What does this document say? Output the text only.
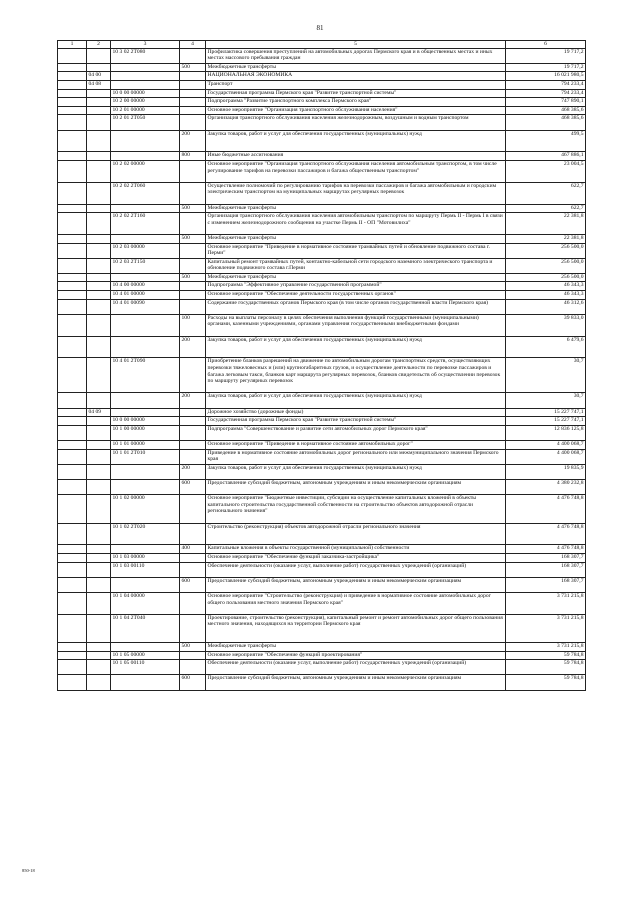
81
1	2	3	4	5	6
		10 3 02 2Т080		Профилактика совершения преступлений на автомобильных дорогах Пермского края и в общественных местах и иных местах массового пребывания граждан	19 717,2
			500	Межбюджетные трансферты	19 717,2
	04 00			НАЦИОНАЛЬНАЯ ЭКОНОМИКА	16 021 980,5
	04 08			Транспорт	794 233,4
		10 0 00 00000		Государственная программа Пермского края "Развитие транспортной системы"	794 233,4
		10 2 00 00000		Подпрограмма "Развитие транспортного комплекса Пермского края"	747 890,1
		10 2 01 00000		Основное мероприятие "Организация транспортного обслуживания населения"	468 385,6
		10 2 01 2Т050		Организация транспортного обслуживания населения железнодорожным, воздушным и водным транспортом	468 385,6
			200	Закупка товаров, работ и услуг для обеспечения государственных (муниципальных) нужд	499,5
			800	Иные бюджетные ассигнования	467 886,1
		10 2 02 00000		Основное мероприятие "Организация транспортного обслуживания населения автомобильным транспортом, в том числе регулирование тарифов на перевозки пассажиров и багажа общественным транспортом"	23 004,5
		10 2 02 2Т060		Осуществление полномочий по регулированию тарифов на перевозки пассажиров и багажа автомобильным и городским электрическим транспортом на муниципальных маршрутах регулярных перевозок	622,7
			500	Межбюджетные трансферты	622,7
		10 2 02 2Т160		Организация транспортного обслуживания населения автомобильным транспортом по маршруту Пермь II - Пермь I в связи с изменением железнодорожного сообщения на участке Пермь II - ОП "Мотовилиха"	22 381,8
			500	Межбюджетные трансферты	22 381,8
		10 2 03 00000		Основное мероприятие "Приведение в нормативное состояние трамвайных путей и обновление подвижного состава г. Перми"	256 500,0
		10 2 03 2Т150		Капитальный ремонт трамвайных путей, контактно-кабельной сети городского наземного электрического транспорта и обновление подвижного состава г.Перми	256 500,0
			500	Межбюджетные трансферты	256 500,0
		10 4 00 00000		Подпрограмма "Эффективное управление государственной программой"	46 343,3
		10 4 01 00000		Основное мероприятие "Обеспечение деятельности государственных органов"	46 343,3
		10 4 01 00090		Содержание государственных органов Пермского края (в том числе органов государственной власти Пермского края)	46 312,6
			100	Расходы на выплаты персоналу в целях обеспечения выполнения функций государственными (муниципальными) органами, казенными учреждениями, органами управления государственными внебюджетными фондами	39 833,0
			200	Закупка товаров, работ и услуг для обеспечения государственных (муниципальных) нужд	6 479,6
		10 4 01 2Т090		Приобретение бланков разрешений на движение по автомобильным дорогам транспортных средств, осуществляющих перевозки тяжеловесных и (или) крупногабаритных грузов, и осуществление деятельности по перевозке пассажиров и багажа легковым такси, бланков карт маршрута регулярных перевозок, бланков свидетельств об осуществлении перевозок по маршруту регулярных перевозок	30,7
			200	Закупка товаров, работ и услуг для обеспечения государственных (муниципальных) нужд	30,7
	04 09			Дорожное хозяйство (дорожные фонды)	15 227 747,1
		10 0 00 00000		Государственная программа Пермского края "Развитие транспортной системы"	15 227 747,1
		10 1 00 00000		Подпрограмма "Совершенствование и развитие сети автомобильных дорог Пермского края"	12 836 125,8
		10 1 01 00000		Основное мероприятие "Приведение в нормативное состояние автомобильных дорог"	4 400 068,7
		10 1 01 2Т010		Приведение в нормативное состояние автомобильных дорог регионального или межмуниципального значения Пермского края	4 400 068,7
			200	Закупка товаров, работ и услуг для обеспечения государственных (муниципальных) нужд	19 835,9
			600	Предоставление субсидий бюджетным, автономным учреждениям и иным некоммерческим организациям	4 380 232,8
		10 1 02 00000		Основное мероприятие "Бюджетные инвестиции, субсидии на осуществление капитальных вложений в объекты капитального строительства государственной собственности на строительство объектов автодорожной отрасли регионального значения"	4 476 748,8
		10 1 02 2Т020		Строительство (реконструкция) объектов автодорожной отрасли регионального значения	4 476 748,8
			400	Капитальные вложения в объекты государственной (муниципальной) собственности	4 476 748,8
		10 1 03 00000		Основное мероприятие "Обеспечение функций заказчика-застройщика"	168 307,7
		10 1 03 00110		Обеспечение деятельности (оказание услуг, выполнение работ) государственных учреждений (организаций)	168 307,7
			600	Предоставление субсидий бюджетным, автономным учреждениям и иным некоммерческим организациям	168 307,7
		10 1 04 00000		Основное мероприятие "Строительство (реконструкция) и приведение в нормативное состояние автомобильных дорог общего пользования местного значения Пермского края"	3 731 215,8
		10 1 04 2Т040		Проектирование, строительство (реконструкция), капитальный ремонт и ремонт автомобильных дорог общего пользования местного значения, находящихся на территории Пермского края	3 731 215,8
			500	Межбюджетные трансферты	3 731 215,8
		10 1 05 00000		Основное мероприятие "Обеспечение функций проектирования"	59 784,8
		10 1 05 00110		Обеспечение деятельности (оказание услуг, выполнение работ) государственных учреждений (организаций)	59 784,8
			600	Предоставление субсидий бюджетным, автономным учреждениям и иным некоммерческим организациям	59 784,8
850-18
